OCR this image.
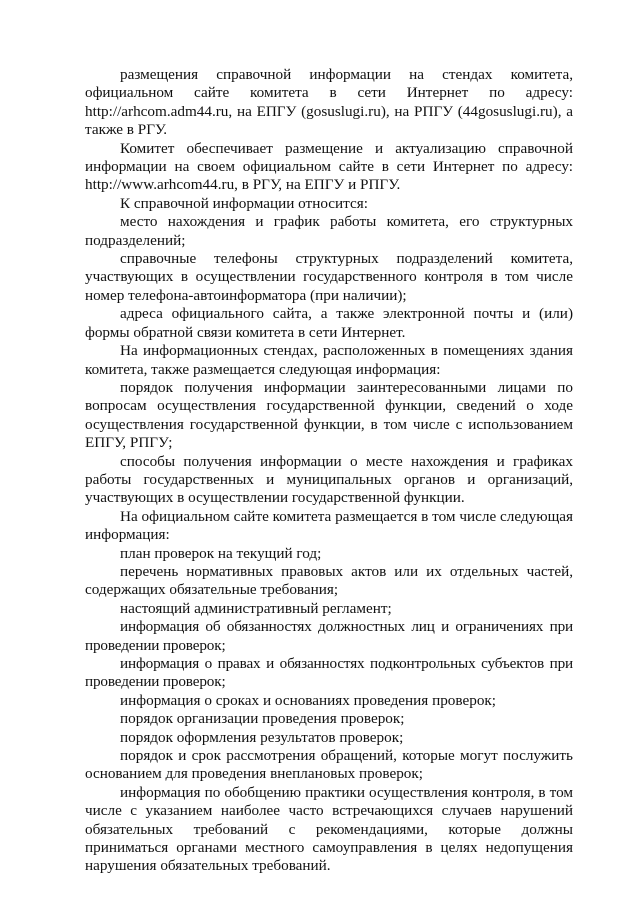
размещения справочной информации на стендах комитета, официальном сайте комитета в сети Интернет по адресу: http://arhcom.adm44.ru, на ЕПГУ (gosuslugi.ru), на РПГУ (44gosuslugi.ru), а также в РГУ.

Комитет обеспечивает размещение и актуализацию справочной информации на своем официальном сайте в сети Интернет по адресу: http://www.arhcom44.ru, в РГУ, на ЕПГУ и РПГУ.

К справочной информации относится:

место нахождения и график работы комитета, его структурных подразделений;

справочные телефоны структурных подразделений комитета, участвующих в осуществлении государственного контроля в том числе номер телефона-автоинформатора (при наличии);

адреса официального сайта, а также электронной почты и (или) формы обратной связи комитета в сети Интернет.

На информационных стендах, расположенных в помещениях здания комитета, также размещается следующая информация:

порядок получения информации заинтересованными лицами по вопросам осуществления государственной функции, сведений о ходе осуществления государственной функции, в том числе с использованием ЕПГУ, РПГУ;

способы получения информации о месте нахождения и графиках работы государственных и муниципальных органов и организаций, участвующих в осуществлении государственной функции.

На официальном сайте комитета размещается в том числе следующая информация:

план проверок на текущий год;

перечень нормативных правовых актов или их отдельных частей, содержащих обязательные требования;

настоящий административный регламент;

информация об обязанностях должностных лиц и ограничениях при проведении проверок;

информация о правах и обязанностях подконтрольных субъектов при проведении проверок;

информация о сроках и основаниях проведения проверок;

порядок организации проведения проверок;

порядок оформления результатов проверок;

порядок и срок рассмотрения обращений, которые могут послужить основанием для проведения внеплановых проверок;

информация по обобщению практики осуществления контроля, в том числе с указанием наиболее часто встречающихся случаев нарушений обязательных требований с рекомендациями, которые должны приниматься органами местного самоуправления в целях недопущения нарушения обязательных требований.
